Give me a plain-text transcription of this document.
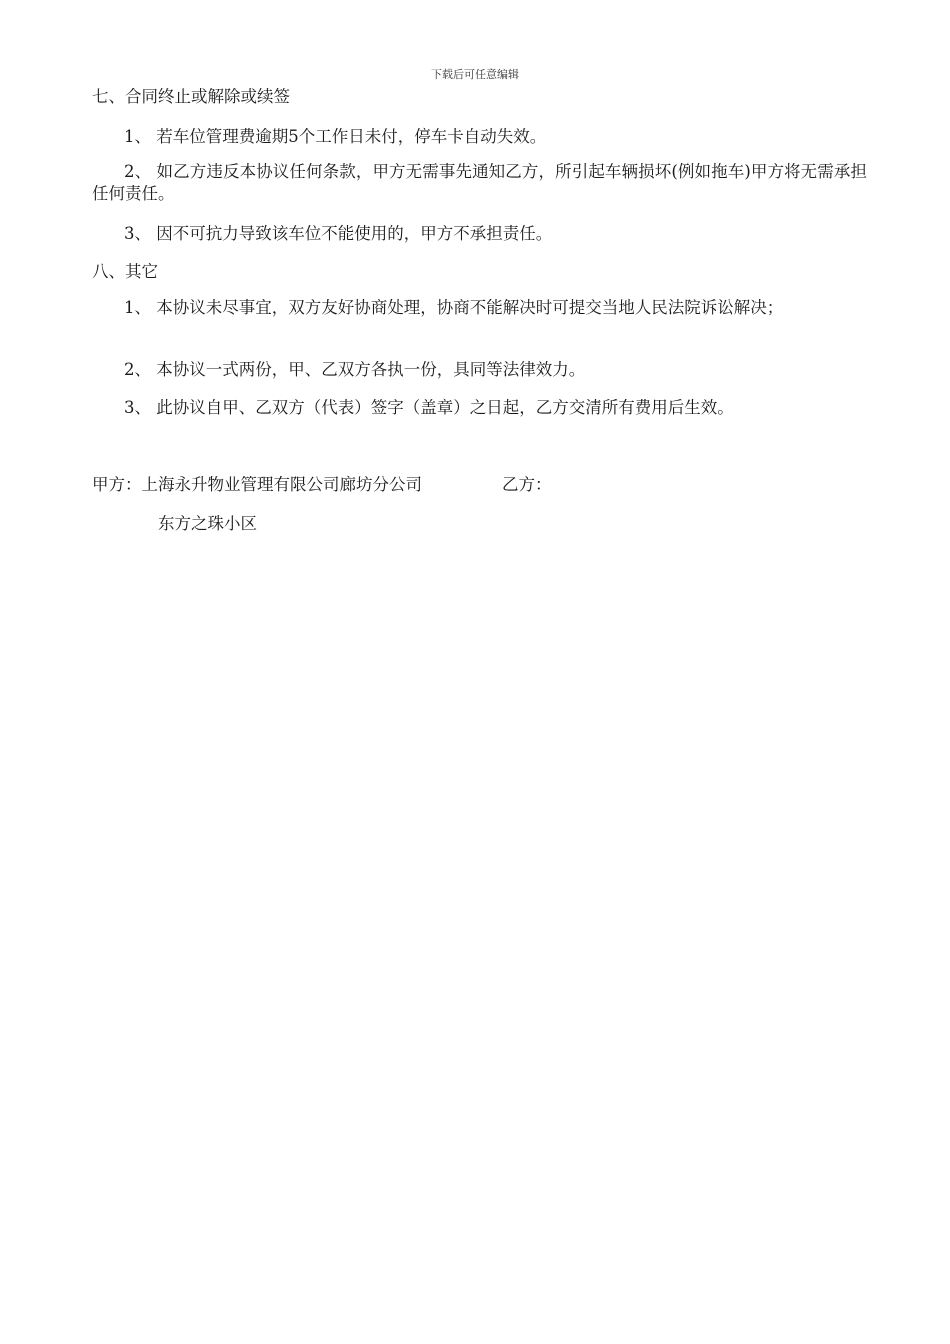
下载后可任意编辑
七、合同终止或解除或续签
1、 若车位管理费逾期5个工作日未付，停车卡自动失效。
2、 如乙方违反本协议任何条款，甲方无需事先通知乙方，所引起车辆损坏(例如拖车)甲方将无需承担任何责任。
3、 因不可抗力导致该车位不能使用的，甲方不承担责任。
八、其它
1、 本协议未尽事宜，双方友好协商处理，协商不能解决时可提交当地人民法院诉讼解决；
2、 本协议一式两份，甲、乙双方各执一份，具同等法律效力。
3、 此协议自甲、乙双方（代表）签字（盖章）之日起，乙方交清所有费用后生效。
甲方：上海永升物业管理有限公司廊坊分公司	乙方：
东方之珠小区
